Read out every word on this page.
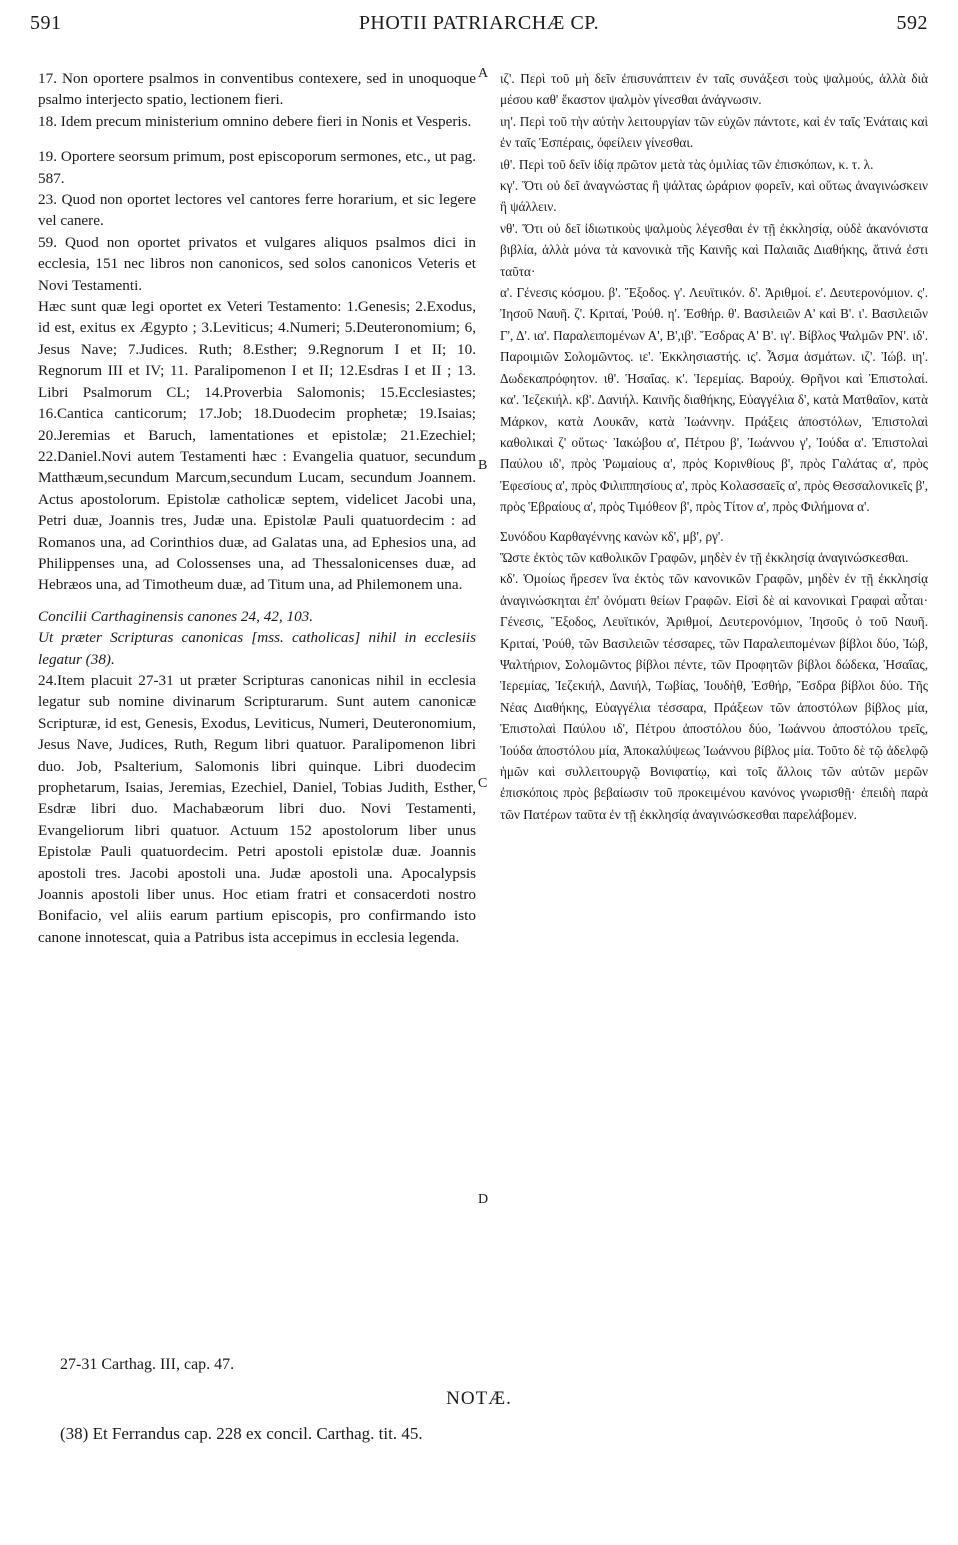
591	PHOTII PATRIARCHÆ CP.	592
A
B
C
D

17. Non oportere psalmos in conventibus contexere, sed in unoquoque psalmo interjecto spatio, lectionem fieri.

18. Idem precum ministerium omnino debere fieri in Nonis et Vesperis.

19. Oportere seorsum primum, post episcoporum sermones, etc., ut pag. 587.

23. Quod non oportet lectores vel cantores ferre horarium, et sic legere vel canere.

59. Quod non oportet privatos et vulgares aliquos psalmos dici in ecclesia, 151 nec libros non canonicos, sed solos canonicos Veteris et Novi Testamenti.

Hæc sunt quæ legi oportet ex Veteri Testamento: 1.Genesis; 2.Exodus, id est, exitus ex Ægypto ; 3.Leviticus; 4.Numeri; 5.Deuteronomium; 6, Jesus Nave; 7.Judices. Ruth; 8.Esther; 9.Regnorum I et II; 10. Regnorum III et IV; 11. Paralipomenon I et II; 12.Esdras I et II ; 13. Libri Psalmorum CL; 14.Proverbia Salomonis; 15.Ecclesiastes; 16.Cantica canticorum; 17.Job; 18.Duodecim prophetæ; 19.Isaias; 20.Jeremias et Baruch, lamentationes et epistolæ; 21.Ezechiel; 22.Daniel.Novi autem Testamenti hæc : Evangelia quatuor, secundum Matthæum,secundum Marcum,secundum Lucam, secundum Joannem. Actus apostolorum. Epistolæ catholicæ septem, videlicet Jacobi una, Petri duæ, Joannis tres, Judæ una. Epistolæ Pauli quatuordecim : ad Romanos una, ad Corinthios duæ, ad Galatas una, ad Ephesios una, ad Philippenses una, ad Colossenses una, ad Thessalonicenses duæ, ad Hebræos una, ad Timotheum duæ, ad Titum una, ad Philemonem una.

Concilii Carthaginensis canones 24, 42, 103.

Ut præter Scripturas canonicas [mss. catholicas] nihil in ecclesiis legatur (38).

24.Item placuit 27-31 ut præter Scripturas canonicas nihil in ecclesia legatur sub nomine divinarum Scripturarum. Sunt autem canonicæ Scripturæ, id est, Genesis, Exodus, Leviticus, Numeri, Deuteronomium, Jesus Nave, Judices, Ruth, Regum libri quatuor. Paralipomenon libri duo. Job, Psalterium, Salomonis libri quinque. Libri duodecim prophetarum, Isaias, Jeremias, Ezechiel, Daniel, Tobias Judith, Esther, Esdræ libri duo. Machabæorum libri duo. Novi Testamenti, Evangeliorum libri quatuor. Actuum 152 apostolorum liber unus Epistolæ Pauli quatuordecim. Petri apostoli epistolæ duæ. Joannis apostoli tres. Jacobi apostoli una. Judæ apostoli una. Apocalypsis Joannis apostoli liber unus. Hoc etiam fratri et consacerdoti nostro Bonifacio, vel aliis earum partium episcopis, pro confirmando isto canone innotescat, quia a Patribus ista accepimus in ecclesia legenda.

ιζ'. Περὶ τοῦ μὴ δεῖν ἐπισυνάπτειν ἐν ταῖς συνάξεσι τοὺς ψαλμούς, ἀλλὰ διὰ μέσου καθ' ἕκαστον ψαλμὸν γίνεσθαι ἀνάγνωσιν.

ιη'. Περὶ τοῦ τὴν αὐτὴν λειτουργίαν τῶν εὐχῶν πάντοτε, καὶ ἐν ταῖς Ἐνάταις καὶ ἐν ταῖς Ἑσπέραις, ὀφείλειν γίνεσθαι.

ιθ'. Περὶ τοῦ δεῖν ἰδίᾳ πρῶτον μετὰ τὰς ὁμιλίας τῶν ἐπισκόπων, κ. τ. λ.

κγ'. Ὅτι οὐ δεῖ ἀναγνώστας ἢ ψάλτας ὡράριον φορεῖν, καὶ οὕτως ἀναγινώσκειν ἢ ψάλλειν.

νθ'. Ὅτι οὐ δεῖ ἰδιωτικοὺς ψαλμοὺς λέγεσθαι ἐν τῇ ἐκκλησίᾳ, οὐδὲ ἀκανόνιστα βιβλία, ἀλλὰ μόνα τὰ κανονικὰ τῆς Καινῆς καὶ Παλαιᾶς Διαθήκης, ἅτινά ἐστι ταῦτα·

α'. Γένεσις κόσμου. β'. Ἔξοδος. γ'. Λευϊτικόν. δ'. Ἀριθμοί. ε'. Δευτερονόμιον. ς'. Ἰησοῦ Ναυῆ. ζ'. Κριταί, Ῥούθ. η'. Ἐσθήρ. θ'. Βασιλειῶν Α' καὶ Β'. ι'. Βασιλειῶν Γ', Δ'. ια'. Παραλειπομένων Α', Β',ιβ'. Ἔσδρας Α' Β'. ιγ'. Βίβλος Ψαλμῶν ΡΝ'. ιδ'. Παροιμιῶν Σολομῶντος. ιε'. Ἐκκλησιαστής. ις'. Ἆσμα ἀσμάτων. ιζ'. Ἰώβ. ιη'. Δωδεκαπρόφητον. ιθ'. Ἡσαΐας. κ'. Ἱερεμίας. Βαρούχ. Θρῆνοι καὶ Ἐπιστολαί. κα'. Ἰεζεκιήλ. κβ'. Δανιήλ. Καινῆς διαθήκης, Εὐαγγέλια δ', κατὰ Ματθαῖον, κατὰ Μάρκον, κατὰ Λουκᾶν, κατὰ Ἰωάννην. Πράξεις ἀποστόλων, Ἐπιστολαὶ καθολικαὶ ζ' οὕτως· Ἰακώβου α', Πέτρου β', Ἰωάννου γ', Ἰούδα α'. Ἐπιστολαὶ Παύλου ιδ', πρὸς Ῥωμαίους α', πρὸς Κορινθίους β', πρὸς Γαλάτας α', πρὸς Ἐφεσίους α', πρὸς Φιλιππησίους α', πρὸς Κολασσαεῖς α', πρὸς Θεσσαλονικεῖς β', πρὸς Ἑβραίους α', πρὸς Τιμόθεον β', πρὸς Τίτον α', πρὸς Φιλήμονα α'.

Συνόδου Καρθαγέννης κανὼν κδ', μβ', ργ'.

Ὥστε ἐκτὸς τῶν καθολικῶν Γραφῶν, μηδὲν ἐν τῇ ἐκκλησίᾳ ἀναγινώσκεσθαι.

κδ'. Ὁμοίως ἤρεσεν ἵνα ἐκτὸς τῶν κανονικῶν Γραφῶν, μηδὲν ἐν τῇ ἐκκλησίᾳ ἀναγινώσκηται ἐπ' ὀνόματι θείων Γραφῶν. Εἰσὶ δὲ αἱ κανονικαὶ Γραφαὶ αὗται· Γένεσις, Ἔξοδος, Λευϊτικόν, Ἀριθμοί, Δευτερονόμιον, Ἰησοῦς ὁ τοῦ Ναυῆ. Κριταί, Ῥούθ, τῶν Βασιλειῶν τέσσαρες, τῶν Παραλειπομένων βίβλοι δύο, Ἰώβ, Ψαλτήριον, Σολομῶντος βίβλοι πέντε, τῶν Προφητῶν βίβλοι δώδεκα, Ἡσαΐας, Ἱερεμίας, Ἰεζεκιήλ, Δανιήλ, Τωβίας, Ἰουδὴθ, Ἐσθήρ, Ἔσδρα βίβλοι δύο. Τῆς Νέας Διαθήκης, Εὐαγγέλια τέσσαρα, Πράξεων τῶν ἀποστόλων βίβλος μία, Ἐπιστολαὶ Παύλου ιδ', Πέτρου ἀποστόλου δύο, Ἰωάννου ἀποστόλου τρεῖς, Ἰούδα ἀποστόλου μία, Ἀποκαλύψεως Ἰωάννου βίβλος μία. Τοῦτο δὲ τῷ ἀδελφῷ ἡμῶν καὶ συλλειτουργῷ Βονιφατίῳ, καὶ τοῖς ἄλλοις τῶν αὐτῶν μερῶν ἐπισκόποις πρὸς βεβαίωσιν τοῦ προκειμένου κανόνος γνωρισθῇ· ἐπειδὴ παρὰ τῶν Πατέρων ταῦτα ἐν τῇ ἐκκλησίᾳ ἀναγινώσκεσθαι παρελάβομεν.

27-31 Carthag. III, cap. 47.
NOTÆ.
(38) Et Ferrandus cap. 228 ex concil. Carthag. tit. 45.
